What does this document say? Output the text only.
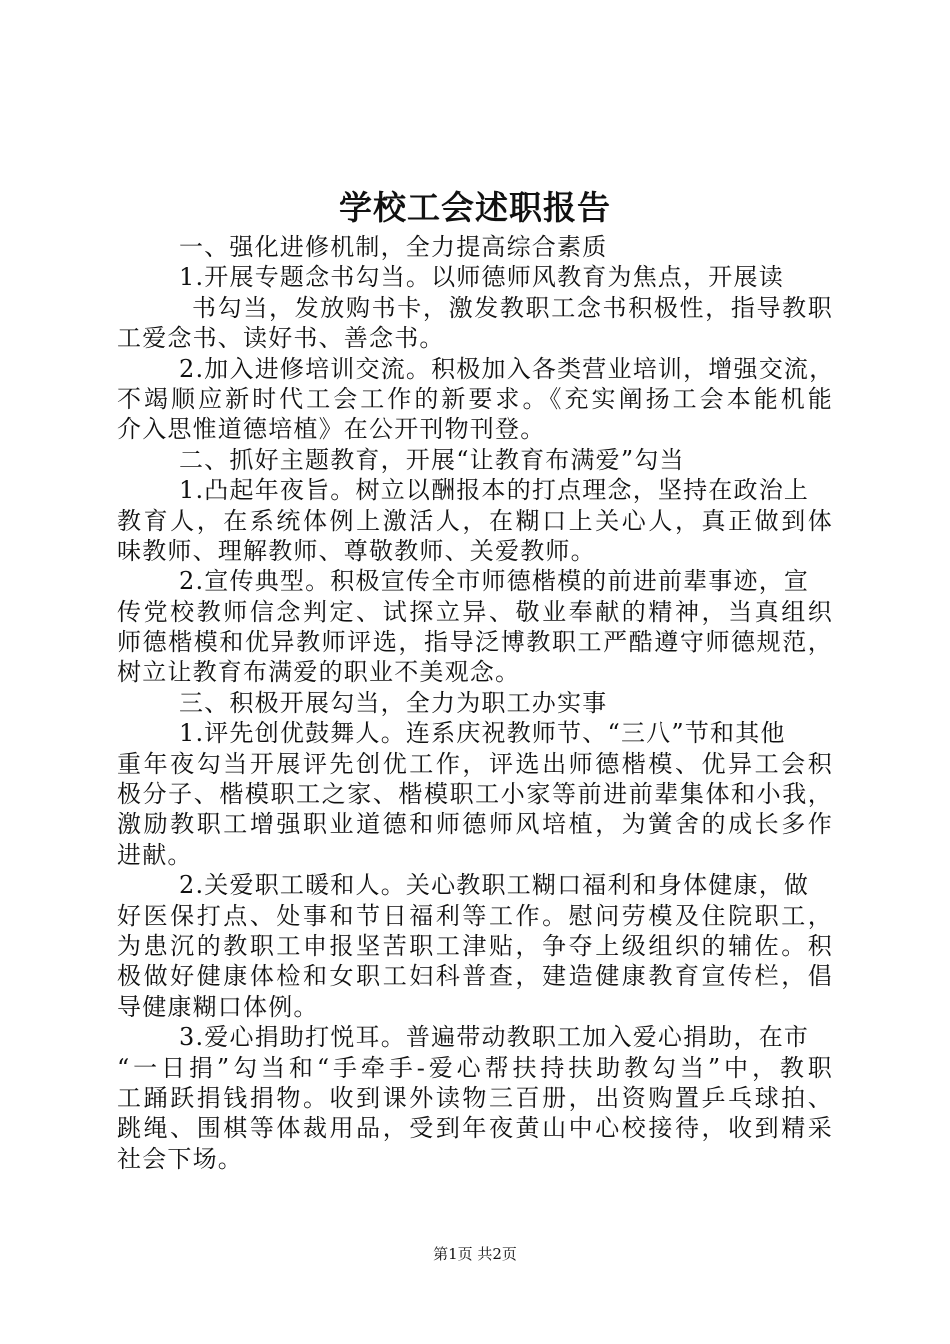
学校工会述职报告
一、强化进修机制，全力提高综合素质
1.开展专题念书勾当。以师德师风教育为焦点，开展读
书勾当，发放购书卡，激发教职工念书积极性，指导教职
工爱念书、读好书、善念书。
2.加入进修培训交流。积极加入各类营业培训，增强交流，
不竭顺应新时代工会工作的新要求。《充实阐扬工会本能机能
介入思惟道德培植》在公开刊物刊登。
二、抓好主题教育，开展“让教育布满爱”勾当
1.凸起年夜旨。树立以酬报本的打点理念，坚持在政治上
教育人，在系统体例上激活人，在糊口上关心人，真正做到体
味教师、理解教师、尊敬教师、关爱教师。
2.宣传典型。积极宣传全市师德楷模的前进前辈事迹，宣
传党校教师信念判定、试探立异、敬业奉献的精神，当真组织
师德楷模和优异教师评选，指导泛博教职工严酷遵守师德规范，
树立让教育布满爱的职业不美观念。
三、积极开展勾当，全力为职工办实事
1.评先创优鼓舞人。连系庆祝教师节、“三八”节和其他
重年夜勾当开展评先创优工作，评选出师德楷模、优异工会积
极分子、楷模职工之家、楷模职工小家等前进前辈集体和小我，
激励教职工增强职业道德和师德师风培植，为黉舍的成长多作
进献。
2.关爱职工暖和人。关心教职工糊口福利和身体健康，做
好医保打点、处事和节日福利等工作。慰问劳模及住院职工，
为患沉的教职工申报坚苦职工津贴，争夺上级组织的辅佐。积
极做好健康体检和女职工妇科普查，建造健康教育宣传栏，倡
导健康糊口体例。
3.爱心捐助打悦耳。普遍带动教职工加入爱心捐助，在市
“一日捐”勾当和“手牵手-爱心帮扶持扶助教勾当”中，教职
工踊跃捐钱捐物。收到课外读物三百册，出资购置乒乓球拍、
跳绳、围棋等体裁用品，受到年夜黄山中心校接待，收到精采
社会下场。
第1页 共2页
